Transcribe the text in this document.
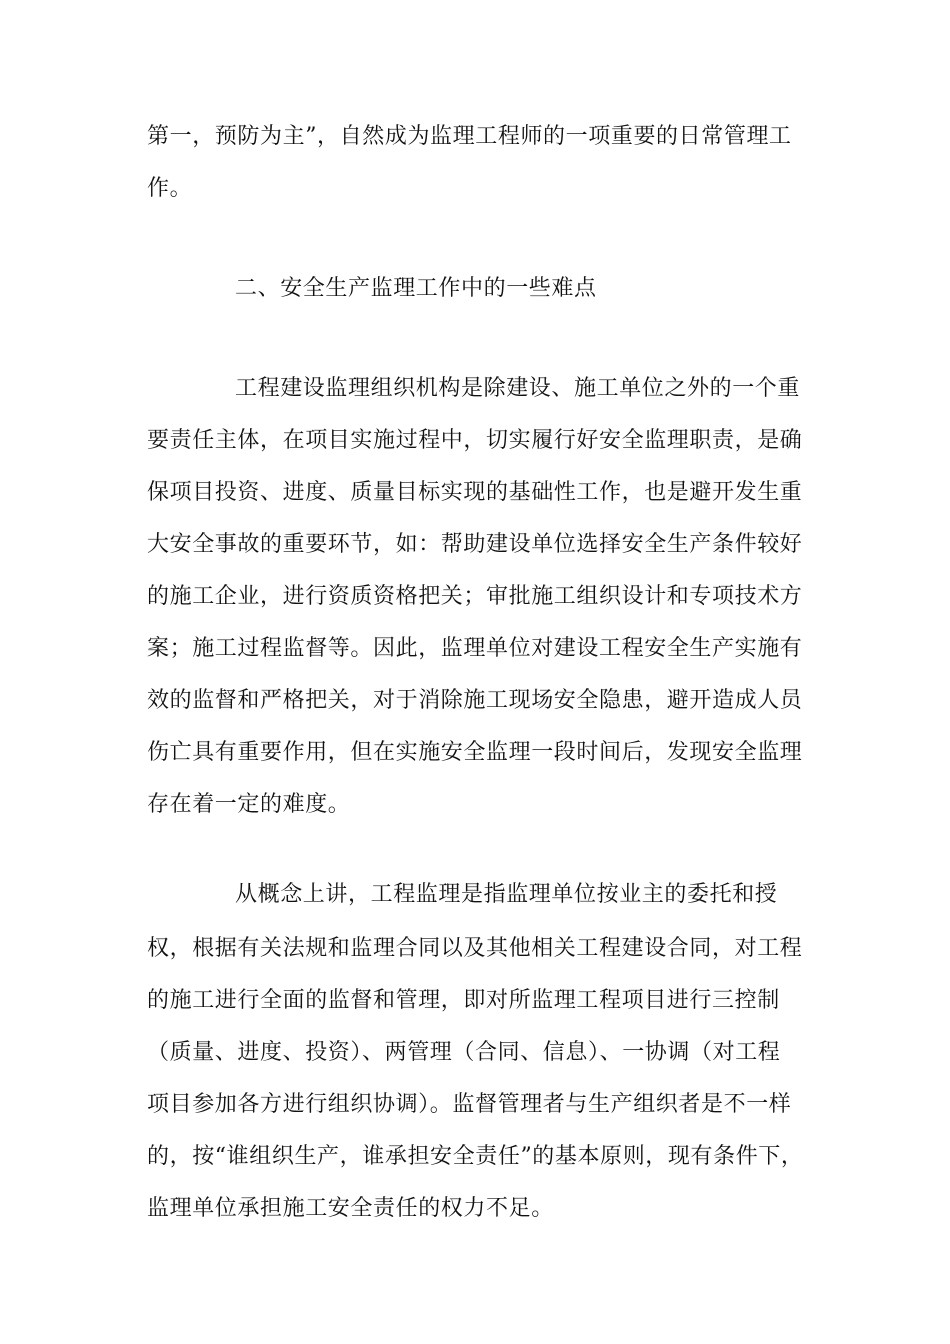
第一，预防为主”，自然成为监理工程师的一项重要的日常管理工
作。
二、安全生产监理工作中的一些难点
工程建设监理组织机构是除建设、施工单位之外的一个重
要责任主体，在项目实施过程中，切实履行好安全监理职责，是确
保项目投资、进度、质量目标实现的基础性工作，也是避开发生重
大安全事故的重要环节，如：帮助建设单位选择安全生产条件较好
的施工企业，进行资质资格把关；审批施工组织设计和专项技术方
案；施工过程监督等。因此，监理单位对建设工程安全生产实施有
效的监督和严格把关，对于消除施工现场安全隐患，避开造成人员
伤亡具有重要作用，但在实施安全监理一段时间后，发现安全监理
存在着一定的难度。
从概念上讲，工程监理是指监理单位按业主的委托和授
权，根据有关法规和监理合同以及其他相关工程建设合同，对工程
的施工进行全面的监督和管理，即对所监理工程项目进行三控制
（质量、进度、投资）、两管理（合同、信息）、一协调（对工程
项目参加各方进行组织协调）。监督管理者与生产组织者是不一样
的，按“谁组织生产，谁承担安全责任”的基本原则，现有条件下，
监理单位承担施工安全责任的权力不足。
